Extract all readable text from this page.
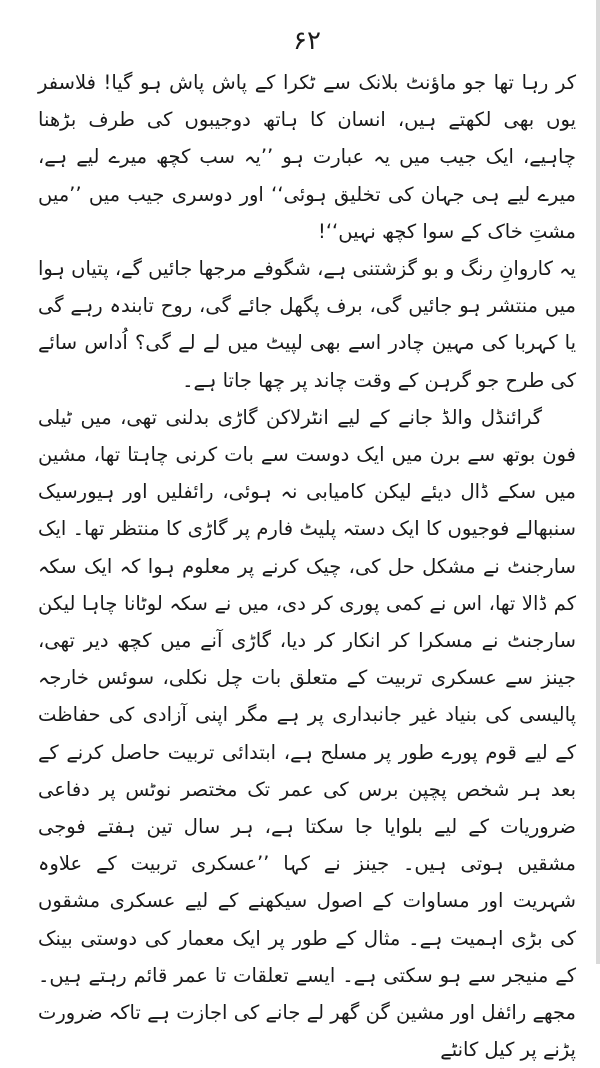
۶۲

کر رہا تھا جو ماؤنٹ بلانک سے ٹکرا کے پاش پاش ہو گیا! فلاسفر یوں بھی لکھتے ہیں، انسان کا ہاتھ دوجیبوں کی طرف بڑھنا چاہیے، ایک جیب میں یہ عبارت ہو ’’یہ سب کچھ میرے لیے ہے، میرے لیے ہی جہان کی تخلیق ہوئی‘‘ اور دوسری جیب میں ’’میں مشتِ خاک کے سوا کچھ نہیں‘‘!

یہ کاروانِ رنگ و بو گزشتنی ہے، شگوفے مرجھا جائیں گے، پتیاں ہوا میں منتشر ہو جائیں گی، برف پگھل جائے گی، روح تابندہ رہے گی یا کہربا کی مہین چادر اسے بھی لپیٹ میں لے لے گی؟ اُداس سائے کی طرح جو گرہن کے وقت چاند پر چھا جاتا ہے۔

گرائنڈل والڈ جانے کے لیے انٹرلاکن گاڑی بدلنی تھی، میں ٹیلی فون بوتھ سے برن میں ایک دوست سے بات کرنی چاہتا تھا، مشین میں سکے ڈال دیئے لیکن کامیابی نہ ہوئی، رائفلیں اور ہیورسیک سنبھالے فوجیوں کا ایک دستہ پلیٹ فارم پر گاڑی کا منتظر تھا۔ ایک سارجنٹ نے مشکل حل کی، چیک کرنے پر معلوم ہوا کہ ایک سکہ کم ڈالا تھا، اس نے کمی پوری کر دی، میں نے سکہ لوٹانا چاہا لیکن سارجنٹ نے مسکرا کر انکار کر دیا، گاڑی آنے میں کچھ دیر تھی، جینز سے عسکری تربیت کے متعلق بات چل نکلی، سوئس خارجہ پالیسی کی بنیاد غیر جانبداری پر ہے مگر اپنی آزادی کی حفاظت کے لیے قوم پورے طور پر مسلح ہے، ابتدائی تربیت حاصل کرنے کے بعد ہر شخص پچپن برس کی عمر تک مختصر نوٹس پر دفاعی ضروریات کے لیے بلوایا جا سکتا ہے، ہر سال تین ہفتے فوجی مشقیں ہوتی ہیں۔ جینز نے کہا ’’عسکری تربیت کے علاوہ شہریت اور مساوات کے اصول سیکھنے کے لیے عسکری مشقوں کی بڑی اہمیت ہے۔ مثال کے طور پر ایک معمار کی دوستی بینک کے منیجر سے ہو سکتی ہے۔ ایسے تعلقات تا عمر قائم رہتے ہیں۔ مجھے رائفل اور مشین گن گھر لے جانے کی اجازت ہے تاکہ ضرورت پڑنے پر کیل کانٹے
